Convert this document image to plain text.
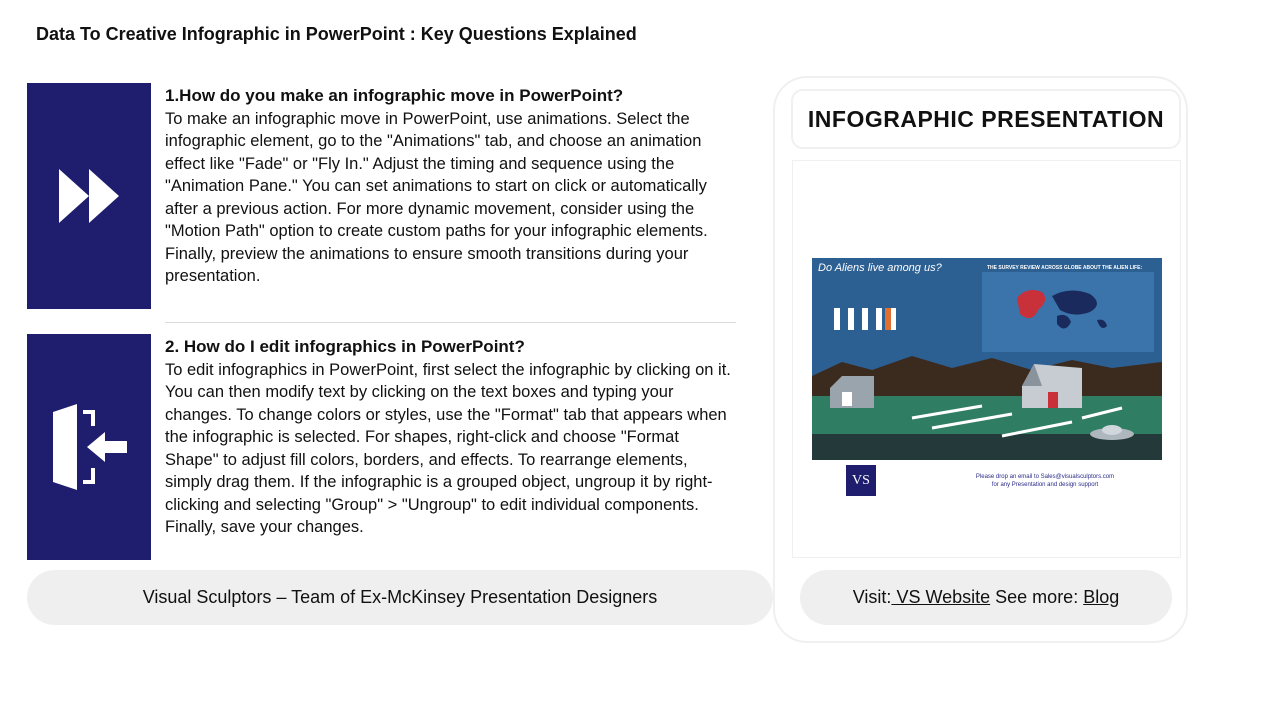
Data To Creative Infographic in PowerPoint : Key Questions Explained
1.How do you make an infographic move in PowerPoint?
To make an infographic move in PowerPoint, use animations. Select the infographic element, go to the "Animations" tab, and choose an animation effect like "Fade" or "Fly In." Adjust the timing and sequence using the "Animation Pane." You can set animations to start on click or automatically after a previous action. For more dynamic movement, consider using the "Motion Path" option to create custom paths for your infographic elements. Finally, preview the animations to ensure smooth transitions during your presentation.
2. How do I edit infographics in PowerPoint?
To edit infographics in PowerPoint, first select the infographic by clicking on it. You can then modify text by clicking on the text boxes and typing your changes. To change colors or styles, use the "Format" tab that appears when the infographic is selected. For shapes, right-click and choose "Format Shape" to adjust fill colors, borders, and effects. To rearrange elements, simply drag them. If the infographic is a grouped object, ungroup it by right-clicking and selecting "Group" > "Ungroup" to edit individual components. Finally, save your changes.
Visual Sculptors – Team of Ex-McKinsey Presentation Designers
INFOGRAPHIC PRESENTATION
Do Aliens live among us?	THE SURVEY REVIEW ACROSS GLOBE ABOUT THE ALIEN LIFE:
VS	Please drop an email to Sales@visualsculptors.com
for any Presentation and design support
Visit: VS Website See more: Blog
